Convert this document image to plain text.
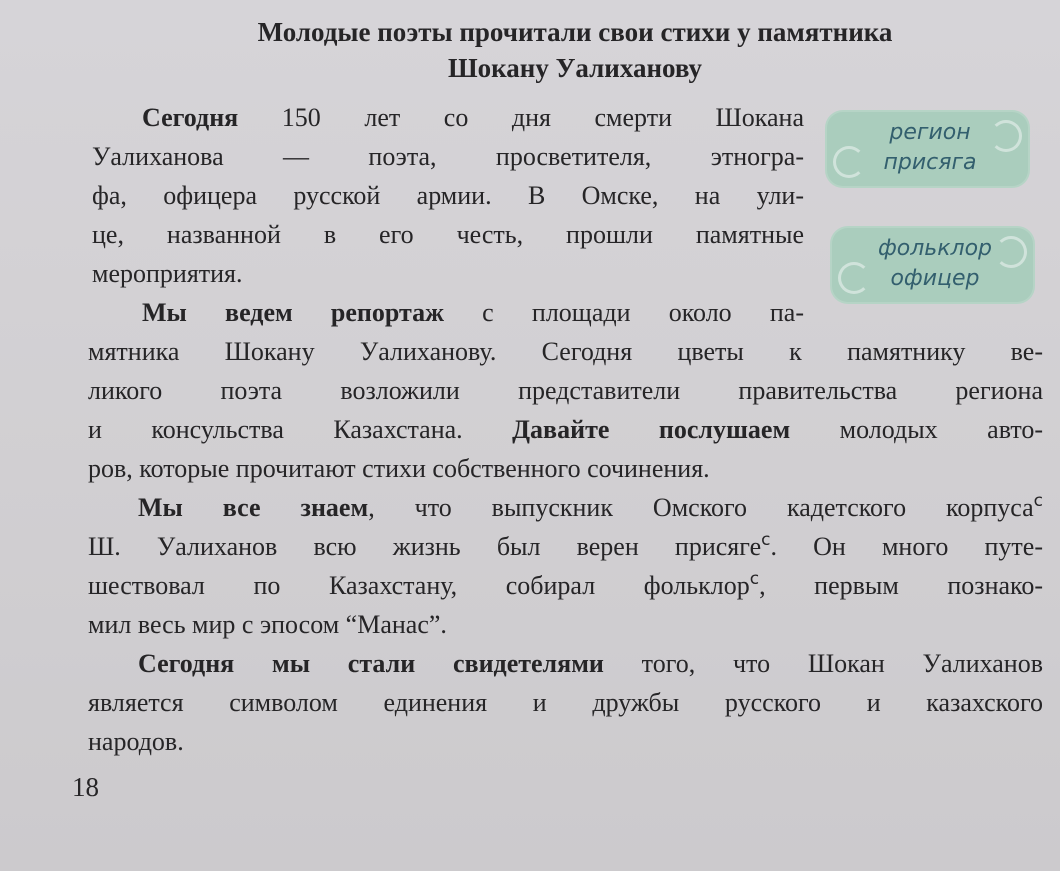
Молодые поэты прочитали свои стихи у памятника
Шокану Уалиханову
Сегодня 150 лет со дня смерти Шокана
Уалиханова — поэта, просветителя, этногра-
фа, офицера русской армии. В Омске, на ули-
це, названной в его честь, прошли памятные
мероприятия.
Мы ведем репортаж с площади около па-
регион
присяга
фольклор
офицер
мятника Шокану Уалиханову. Сегодня цветы к памятнику ве-
ликого поэта возложили представители правительства региона
и консульства Казахстана. Давайте послушаем молодых авто-
ров, которые прочитают стихи собственного сочинения.
Мы все знаем, что выпускник Омского кадетского корпуса$^с$
Ш. Уалиханов всю жизнь был верен присяге$^с$. Он много путе-
шествовал по Казахстану, собирал фольклор$^с$, первым познако-
мил весь мир с эпосом “Манас”.
Сегодня мы стали свидетелями того, что Шокан Уалиханов
является символом единения и дружбы русского и казахского
народов.
18
